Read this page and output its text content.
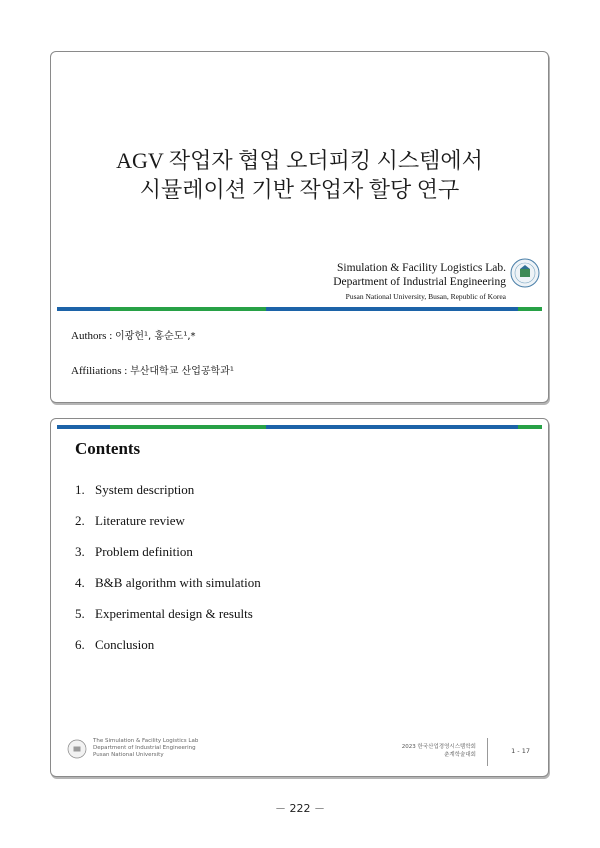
AGV 작업자 협업 오더피킹 시스템에서
시뮬레이션 기반 작업자 할당 연구
Simulation & Facility Logistics Lab.
Department of Industrial Engineering
Pusan National University, Busan, Republic of Korea
Authors : 이광헌¹, 홍순도¹,*
Affiliations : 부산대학교 산업공학과¹
Contents
1. System description
2. Literature review
3. Problem definition
4. B&B algorithm with simulation
5. Experimental design & results
6. Conclusion
The Simulation & Facility Logistics Lab
Department of Industrial Engineering
Pusan National University
2023 한국산업경영시스템학회
춘계학술대회	1 - 17
－ 222 －
